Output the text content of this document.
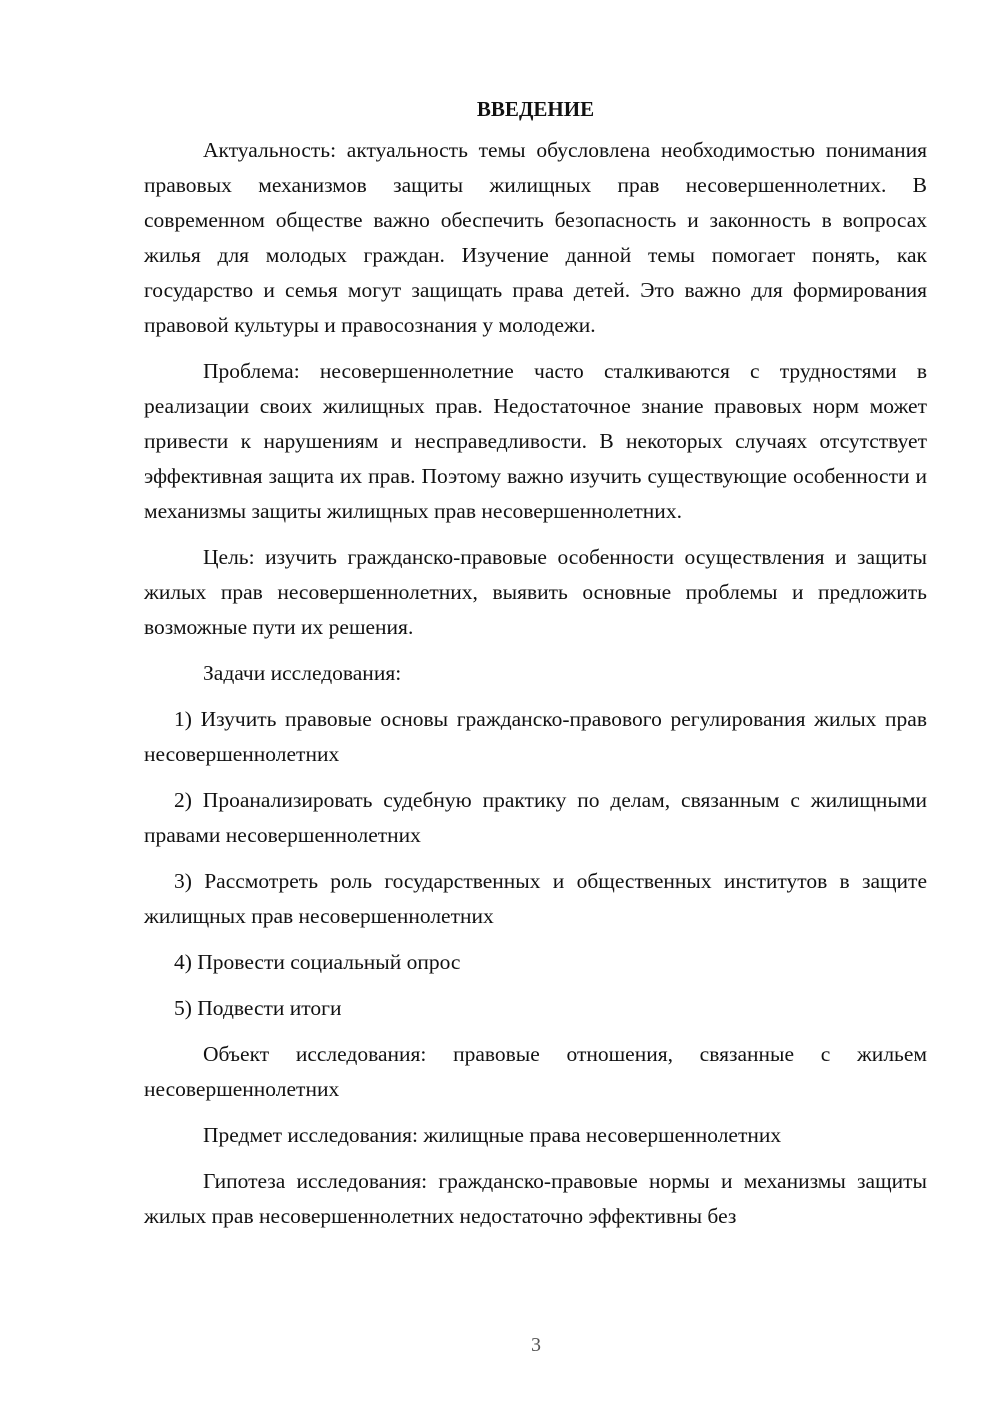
ВВЕДЕНИЕ

Актуальность: актуальность темы обусловлена необходимостью понимания правовых механизмов защиты жилищных прав несовершеннолетних. В современном обществе важно обеспечить безопасность и законность в вопросах жилья для молодых граждан. Изучение данной темы помогает понять, как государство и семья могут защищать права детей. Это важно для формирования правовой культуры и правосознания у молодежи.

Проблема: несовершеннолетние часто сталкиваются с трудностями в реализации своих жилищных прав. Недостаточное знание правовых норм может привести к нарушениям и несправедливости. В некоторых случаях отсутствует эффективная защита их прав. Поэтому важно изучить существующие особенности и механизмы защиты жилищных прав несовершеннолетних.

Цель: изучить гражданско-правовые особенности осуществления и защиты жилых прав несовершеннолетних, выявить основные проблемы и предложить возможные пути их решения.

Задачи исследования:

1) Изучить правовые основы гражданско-правового регулирования жилых прав несовершеннолетних

2) Проанализировать судебную практику по делам, связанным с жилищными правами несовершеннолетних

3) Рассмотреть роль государственных и общественных институтов в защите жилищных прав несовершеннолетних

4) Провести социальный опрос

5) Подвести итоги

Объект исследования: правовые отношения, связанные с жильем несовершеннолетних

Предмет исследования: жилищные права несовершеннолетних

Гипотеза исследования: гражданско-правовые нормы и механизмы защиты жилых прав несовершеннолетних недостаточно эффективны без

3
